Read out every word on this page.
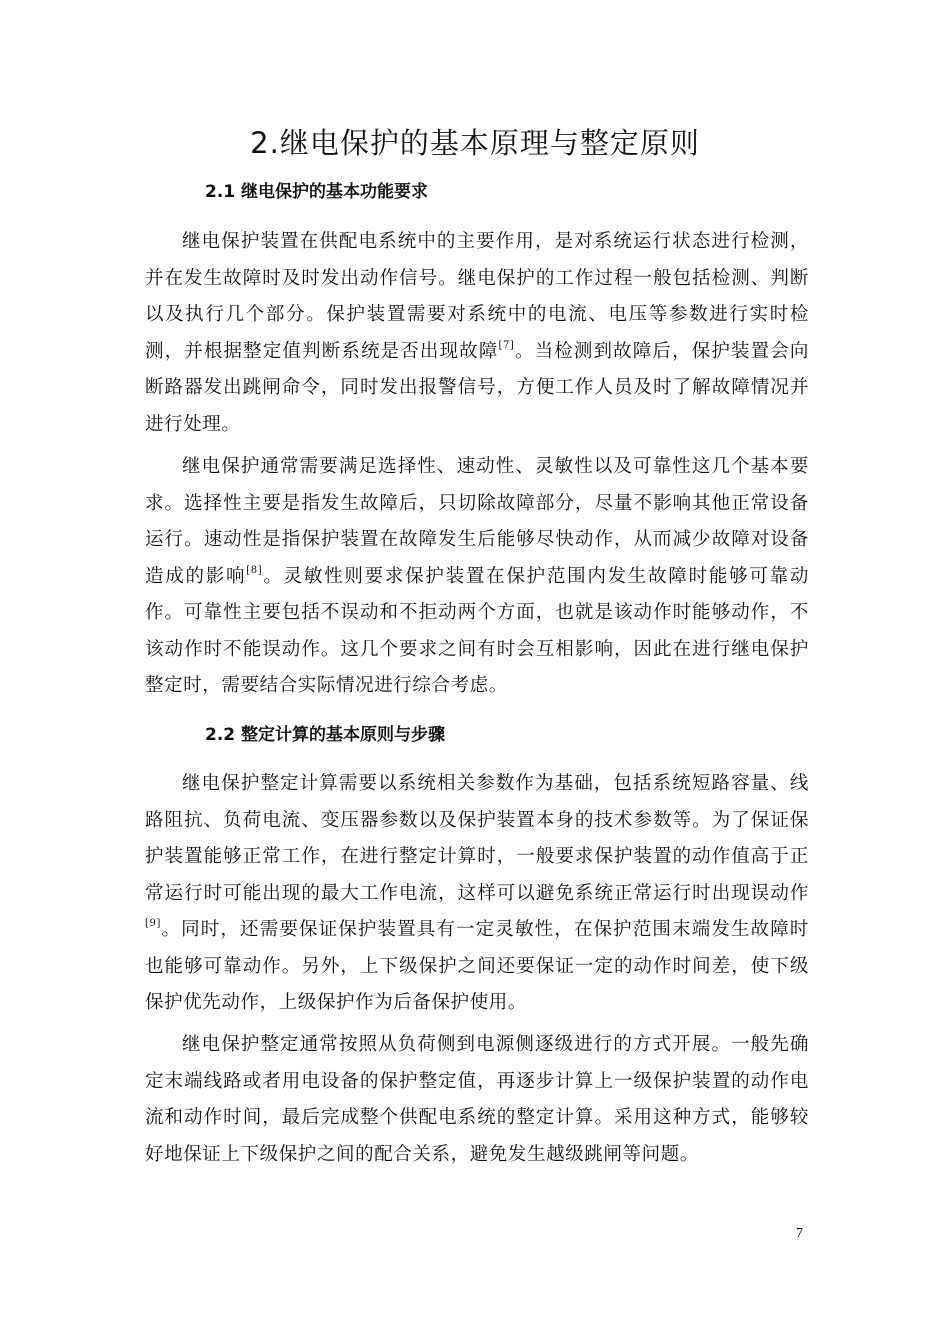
2.继电保护的基本原理与整定原则
2.1 继电保护的基本功能要求

继电保护装置在供配电系统中的主要作用，是对系统运行状态进行检测，并在发生故障时及时发出动作信号。继电保护的工作过程一般包括检测、判断以及执行几个部分。保护装置需要对系统中的电流、电压等参数进行实时检测，并根据整定值判断系统是否出现故障[7]。当检测到故障后，保护装置会向断路器发出跳闸命令，同时发出报警信号，方便工作人员及时了解故障情况并进行处理。

继电保护通常需要满足选择性、速动性、灵敏性以及可靠性这几个基本要求。选择性主要是指发生故障后，只切除故障部分，尽量不影响其他正常设备运行。速动性是指保护装置在故障发生后能够尽快动作，从而减少故障对设备造成的影响[8]。灵敏性则要求保护装置在保护范围内发生故障时能够可靠动作。可靠性主要包括不误动和不拒动两个方面，也就是该动作时能够动作，不该动作时不能误动作。这几个要求之间有时会互相影响，因此在进行继电保护整定时，需要结合实际情况进行综合考虑。

2.2 整定计算的基本原则与步骤

继电保护整定计算需要以系统相关参数作为基础，包括系统短路容量、线路阻抗、负荷电流、变压器参数以及保护装置本身的技术参数等。为了保证保护装置能够正常工作，在进行整定计算时，一般要求保护装置的动作值高于正常运行时可能出现的最大工作电流，这样可以避免系统正常运行时出现误动作[9]。同时，还需要保证保护装置具有一定灵敏性，在保护范围末端发生故障时也能够可靠动作。另外，上下级保护之间还要保证一定的动作时间差，使下级保护优先动作，上级保护作为后备保护使用。

继电保护整定通常按照从负荷侧到电源侧逐级进行的方式开展。一般先确定末端线路或者用电设备的保护整定值，再逐步计算上一级保护装置的动作电流和动作时间，最后完成整个供配电系统的整定计算。采用这种方式，能够较好地保证上下级保护之间的配合关系，避免发生越级跳闸等问题。

7
